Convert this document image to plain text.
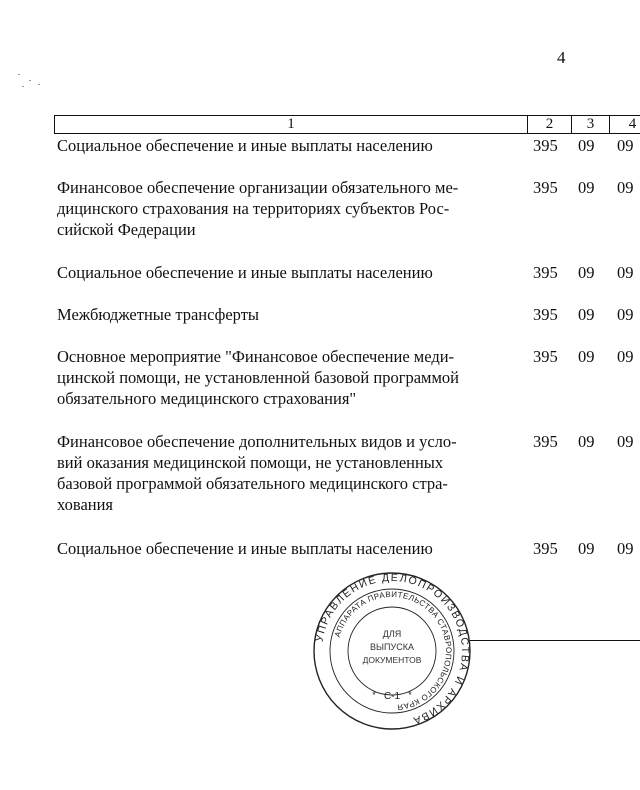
4
1	2	3	4
Социальное обеспечение и иные выплаты населению	395 09 09
Финансовое обеспечение организации обязательного ме-
дицинского страхования на территориях субъектов Рос-
сийской Федерации
395 09 09
Социальное обеспечение и иные выплаты населению	395 09 09
Межбюджетные трансферты	395 09 09
Основное мероприятие "Финансовое обеспечение меди-
цинской помощи, не установленной базовой программой
обязательного медицинского страхования"
395 09 09
Финансовое обеспечение дополнительных видов и усло-
вий оказания медицинской помощи, не установленных
базовой программой обязательного медицинского стра-
хования
395 09 09
Социальное обеспечение и иные выплаты населению	395 09 09
УПРАВЛЕНИЕ ДЕЛОПРОИЗВОДСТВА И АРХИВА
АППАРАТА ПРАВИТЕЛЬСТВА СТАВРОПОЛЬСКОГО КРАЯ
ДЛЯ
ВЫПУСКА
ДОКУМЕНТОВ
* С-1 *
